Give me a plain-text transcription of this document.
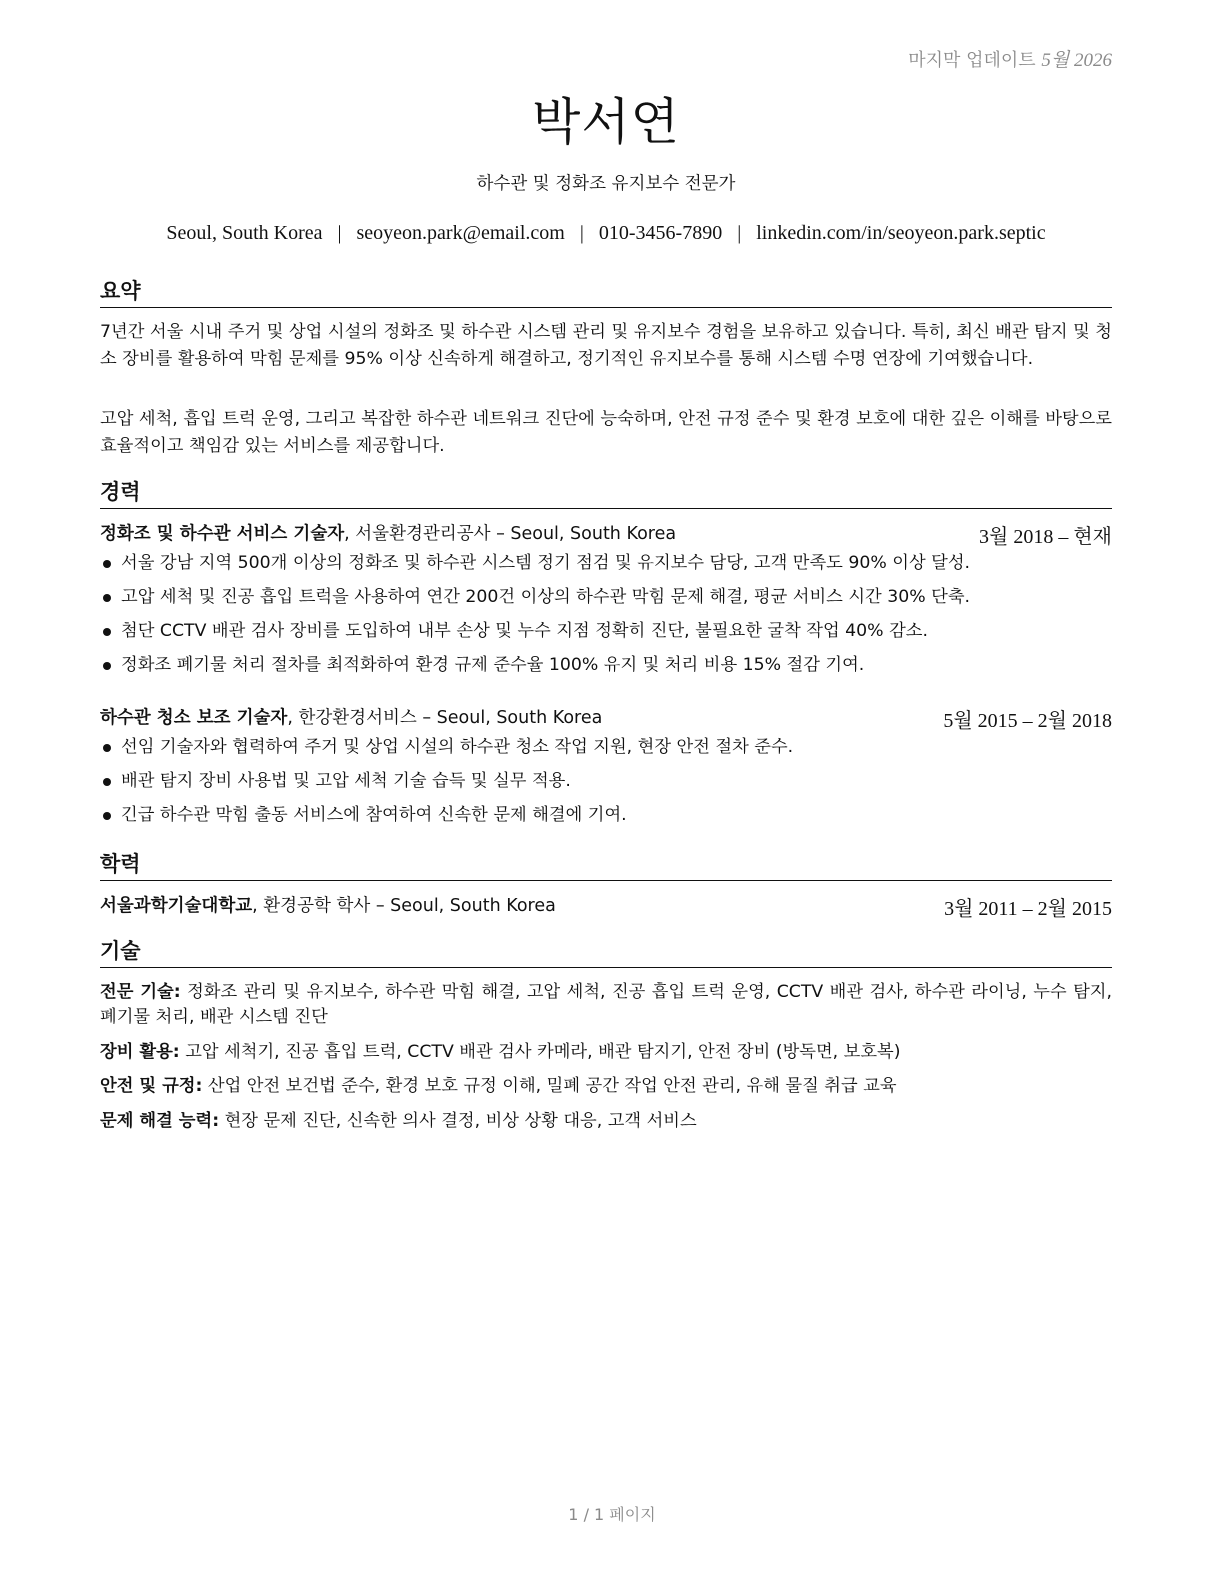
마지막 업데이트 5월 2026
박서연
하수관 및 정화조 유지보수 전문가
Seoul, South Korea | seoyeon.park@email.com | 010-3456-7890 | linkedin.com/in/seoyeon.park.septic
요약

7년간 서울 시내 주거 및 상업 시설의 정화조 및 하수관 시스템 관리 및 유지보수 경험을 보유하고 있습니다. 특히, 최신 배관 탐지 및 청소 장비를 활용하여 막힘 문제를 95% 이상 신속하게 해결하고, 정기적인 유지보수를 통해 시스템 수명 연장에 기여했습니다.

고압 세척, 흡입 트럭 운영, 그리고 복잡한 하수관 네트워크 진단에 능숙하며, 안전 규정 준수 및 환경 보호에 대한 깊은 이해를 바탕으로 효율적이고 책임감 있는 서비스를 제공합니다.

경력
정화조 및 하수관 서비스 기술자, 서울환경관리공사 – Seoul, South Korea	3월 2018 – 현재
서울 강남 지역 500개 이상의 정화조 및 하수관 시스템 정기 점검 및 유지보수 담당, 고객 만족도 90% 이상 달성.
고압 세척 및 진공 흡입 트럭을 사용하여 연간 200건 이상의 하수관 막힘 문제 해결, 평균 서비스 시간 30% 단축.
첨단 CCTV 배관 검사 장비를 도입하여 내부 손상 및 누수 지점 정확히 진단, 불필요한 굴착 작업 40% 감소.
정화조 폐기물 처리 절차를 최적화하여 환경 규제 준수율 100% 유지 및 처리 비용 15% 절감 기여.
하수관 청소 보조 기술자, 한강환경서비스 – Seoul, South Korea	5월 2015 – 2월 2018
선임 기술자와 협력하여 주거 및 상업 시설의 하수관 청소 작업 지원, 현장 안전 절차 준수.
배관 탐지 장비 사용법 및 고압 세척 기술 습득 및 실무 적용.
긴급 하수관 막힘 출동 서비스에 참여하여 신속한 문제 해결에 기여.
학력
서울과학기술대학교, 환경공학 학사 – Seoul, South Korea	3월 2011 – 2월 2015
기술
전문 기술: 정화조 관리 및 유지보수, 하수관 막힘 해결, 고압 세척, 진공 흡입 트럭 운영, CCTV 배관 검사, 하수관 라이닝, 누수 탐지, 폐기물 처리, 배관 시스템 진단
장비 활용: 고압 세척기, 진공 흡입 트럭, CCTV 배관 검사 카메라, 배관 탐지기, 안전 장비 (방독면, 보호복)
안전 및 규정: 산업 안전 보건법 준수, 환경 보호 규정 이해, 밀폐 공간 작업 안전 관리, 유해 물질 취급 교육
문제 해결 능력: 현장 문제 진단, 신속한 의사 결정, 비상 상황 대응, 고객 서비스
1 / 1 페이지
